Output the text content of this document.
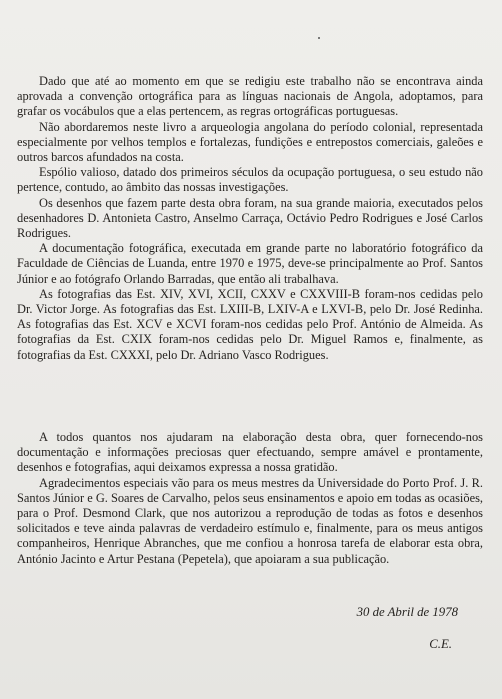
Dado que até ao momento em que se redigiu este trabalho não se encontrava ainda aprovada a convenção ortográfica para as línguas nacionais de Angola, adoptamos, para grafar os vocábulos que a elas pertencem, as regras ortográficas portuguesas.

Não abordaremos neste livro a arqueologia angolana do período colonial, representada especialmente por velhos templos e fortalezas, fundições e entrepostos comerciais, galeões e outros barcos afundados na costa.

Espólio valioso, datado dos primeiros séculos da ocupação portuguesa, o seu estudo não pertence, contudo, ao âmbito das nossas investigações.

Os desenhos que fazem parte desta obra foram, na sua grande maioria, executados pelos desenhadores D. Antonieta Castro, Anselmo Carraça, Octávio Pedro Rodrigues e José Carlos Rodrigues.

A documentação fotográfica, executada em grande parte no laboratório fotográfico da Faculdade de Ciências de Luanda, entre 1970 e 1975, deve-se principalmente ao Prof. Santos Júnior e ao fotógrafo Orlando Barradas, que então ali trabalhava.

As fotografias das Est. XIV, XVI, XCII, CXXV e CXXVIII-B foram-nos cedidas pelo Dr. Victor Jorge. As fotografias das Est. LXIII-B, LXIV-A e LXVI-B, pelo Dr. José Redinha. As fotografias das Est. XCV e XCVI foram-nos cedidas pelo Prof. António de Almeida. As fotografias da Est. CXIX foram-nos cedidas pelo Dr. Miguel Ramos e, finalmente, as fotografias da Est. CXXXI, pelo Dr. Adriano Vasco Rodrigues.

A todos quantos nos ajudaram na elaboração desta obra, quer fornecendo-nos documentação e informações preciosas quer efectuando, sempre amável e prontamente, desenhos e fotografias, aqui deixamos expressa a nossa gratidão.

Agradecimentos especiais vão para os meus mestres da Universidade do Porto Prof. J. R. Santos Júnior e G. Soares de Carvalho, pelos seus ensinamentos e apoio em todas as ocasiões, para o Prof. Desmond Clark, que nos autorizou a reprodução de todas as fotos e desenhos solicitados e teve ainda palavras de verdadeiro estímulo e, finalmente, para os meus antigos companheiros, Henrique Abranches, que me confiou a honrosa tarefa de elaborar esta obra, António Jacinto e Artur Pestana (Pepetela), que apoiaram a sua publicação.

30 de Abril de 1978
C.E.
